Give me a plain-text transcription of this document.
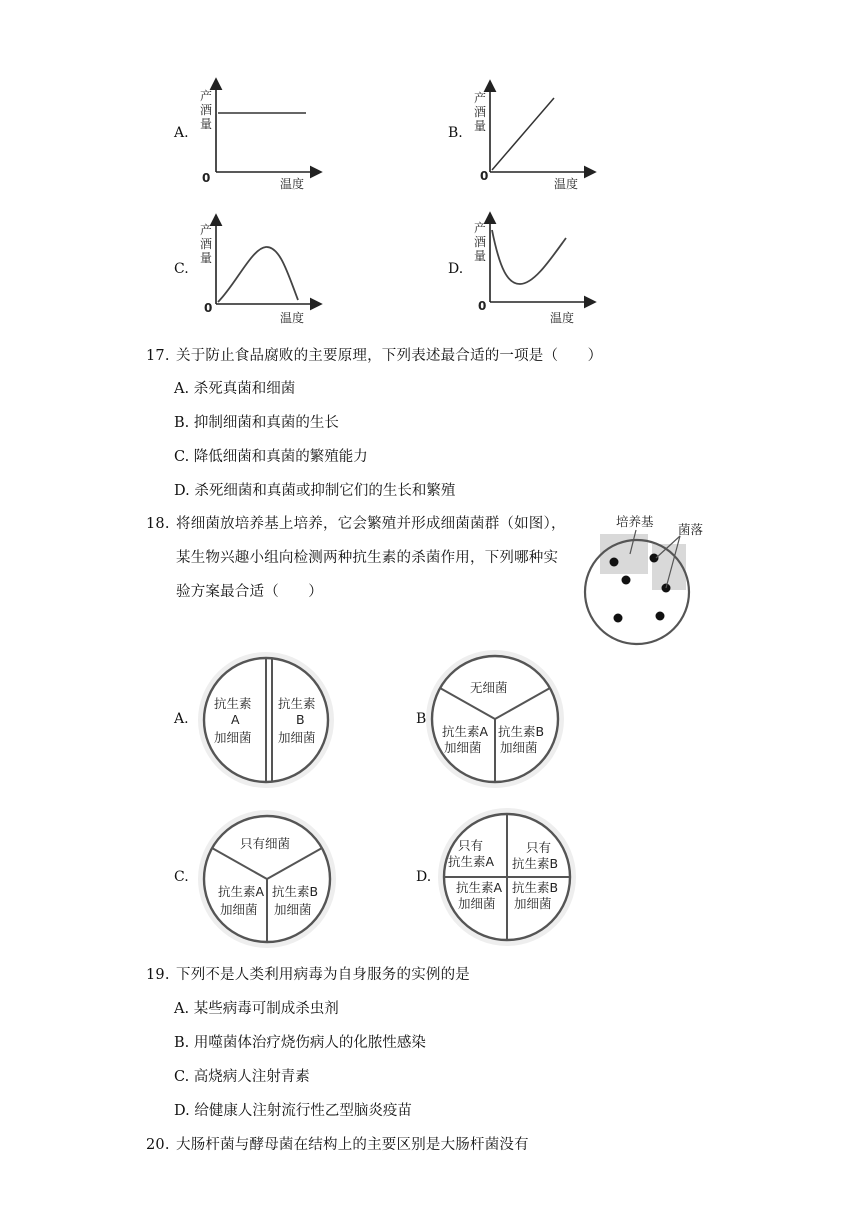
A.
产
酒
量
0	温度
B.
产
酒
量
0
温度
C.
产
酒
量
0
温度
D.
产
酒
量
0
温度
17. 关于防止食品腐败的主要原理，下列表述最合适的一项是（　　）
A. 杀死真菌和细菌
B. 抑制细菌和真菌的生长
C. 降低细菌和真菌的繁殖能力
D. 杀死细菌和真菌或抑制它们的生长和繁殖
18. 将细菌放培养基上培养，它会繁殖并形成细菌菌群（如图），
某生物兴趣小组向检测两种抗生素的杀菌作用，下列哪种实
验方案最合适（　　）
培养基
菌落
A.
抗生素
A
加细菌
抗生素
B
加细菌
B
无细菌
抗生素A
加细菌
抗生素B
加细菌
C.
只有细菌
抗生素A
加细菌
抗生素B
加细菌
D.
只有
抗生素A
只有
抗生素B
抗生素A
加细菌
抗生素B
加细菌
19. 下列不是人类利用病毒为自身服务的实例的是
A. 某些病毒可制成杀虫剂
B. 用噬菌体治疗烧伤病人的化脓性感染
C. 高烧病人注射青素
D. 给健康人注射流行性乙型脑炎疫苗
20. 大肠杆菌与酵母菌在结构上的主要区别是大肠杆菌没有
